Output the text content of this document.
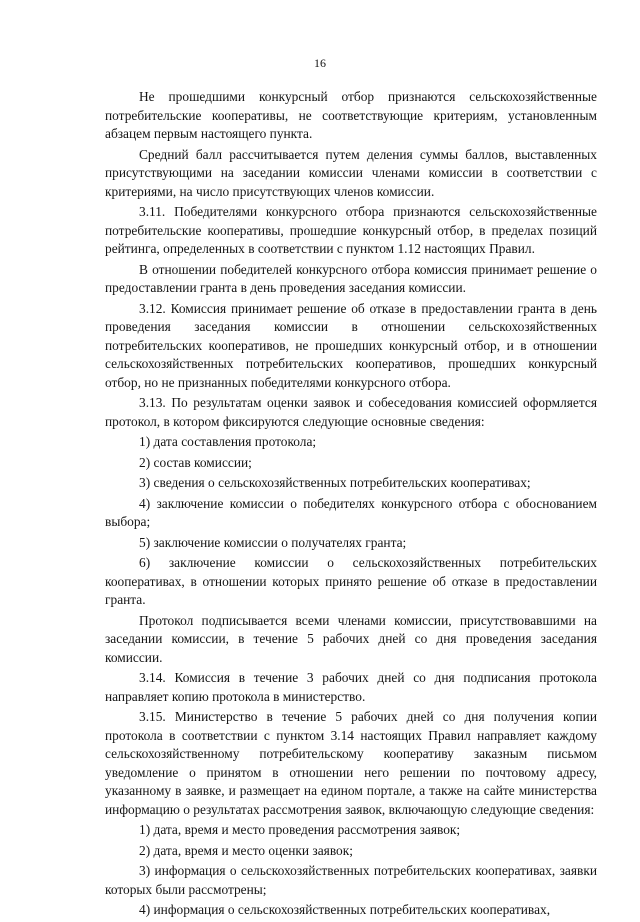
16

Не прошедшими конкурсный отбор признаются сельскохозяйственные потребительские кооперативы, не соответствующие критериям, установленным абзацем первым настоящего пункта.

Средний балл рассчитывается путем деления суммы баллов, выставленных присутствующими на заседании комиссии членами комиссии в соответствии с критериями, на число присутствующих членов комиссии.

3.11. Победителями конкурсного отбора признаются сельскохозяйственные потребительские кооперативы, прошедшие конкурсный отбор, в пределах позиций рейтинга, определенных в соответствии с пунктом 1.12 настоящих Правил.

В отношении победителей конкурсного отбора комиссия принимает решение о предоставлении гранта в день проведения заседания комиссии.

3.12. Комиссия принимает решение об отказе в предоставлении гранта в день проведения заседания комиссии в отношении сельскохозяйственных потребительских кооперативов, не прошедших конкурсный отбор, и в отношении сельскохозяйственных потребительских кооперативов, прошедших конкурсный отбор, но не признанных победителями конкурсного отбора.

3.13. По результатам оценки заявок и собеседования комиссией оформляется протокол, в котором фиксируются следующие основные сведения:

1) дата составления протокола;

2) состав комиссии;

3) сведения о сельскохозяйственных потребительских кооперативах;

4) заключение комиссии о победителях конкурсного отбора с обоснованием выбора;

5) заключение комиссии о получателях гранта;

6) заключение комиссии о сельскохозяйственных потребительских кооперативах, в отношении которых принято решение об отказе в предоставлении гранта.

Протокол подписывается всеми членами комиссии, присутствовавшими на заседании комиссии, в течение 5 рабочих дней со дня проведения заседания комиссии.

3.14. Комиссия в течение 3 рабочих дней со дня подписания протокола направляет копию протокола в министерство.

3.15. Министерство в течение 5 рабочих дней со дня получения копии протокола в соответствии с пунктом 3.14 настоящих Правил направляет каждому сельскохозяйственному потребительскому кооперативу заказным письмом уведомление о принятом в отношении него решении по почтовому адресу, указанному в заявке, и размещает на едином портале, а также на сайте министерства информацию о результатах рассмотрения заявок, включающую следующие сведения:

1) дата, время и место проведения рассмотрения заявок;

2) дата, время и место оценки заявок;

3) информация о сельскохозяйственных потребительских кооперативах, заявки которых были рассмотрены;

4) информация о сельскохозяйственных потребительских кооперативах,
